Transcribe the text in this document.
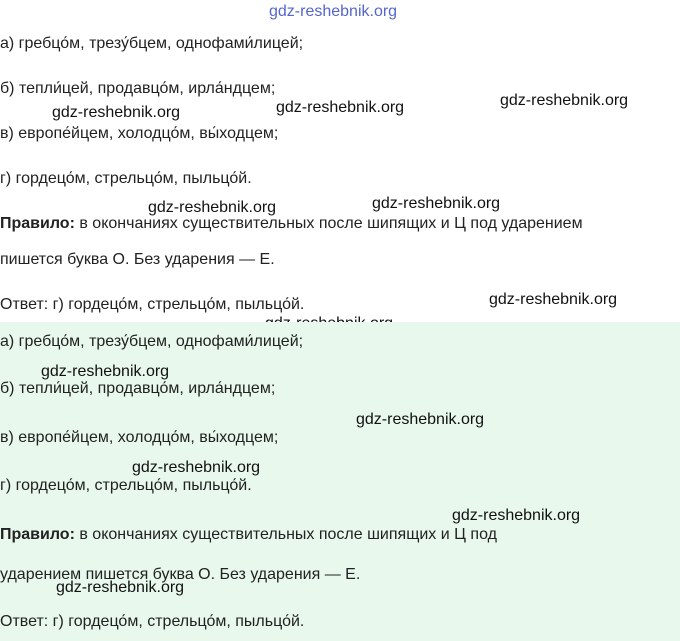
gdz-reshebnik.org
а) гребцо́м, трезу́бцем, однофами́лицей;
б) тепли́цей, продавцо́м, ирла́ндцем;
в) европе́йцем, холодцо́м, вы́ходцем;
г) гордецо́м, стрельцо́м, пыльцо́й.
Правило: в окончаниях существительных после шипящих и Ц под ударением
пишется буква О. Без ударения — Е.
Ответ: г) гордецо́м, стрельцо́м, пыльцо́й.
gdz-reshebnik.org	gdz-reshebnik.org	gdz-reshebnik.org
gdz-reshebnik.org	gdz-reshebnik.org
gdz-reshebnik.org
а) гребцо́м, трезу́бцем, однофами́лицей;
б) тепли́цей, продавцо́м, ирла́ндцем;
в) европе́йцем, холодцо́м, вы́ходцем;
г) гордецо́м, стрельцо́м, пыльцо́й.
Правило: в окончаниях существительных после шипящих и Ц под
ударением пишется буква О. Без ударения — Е.
Ответ: г) гордецо́м, стрельцо́м, пыльцо́й.
gdz-reshebnik.org
gdz-reshebnik.org
gdz-reshebnik.org
gdz-reshebnik.org
gdz-reshebnik.org
